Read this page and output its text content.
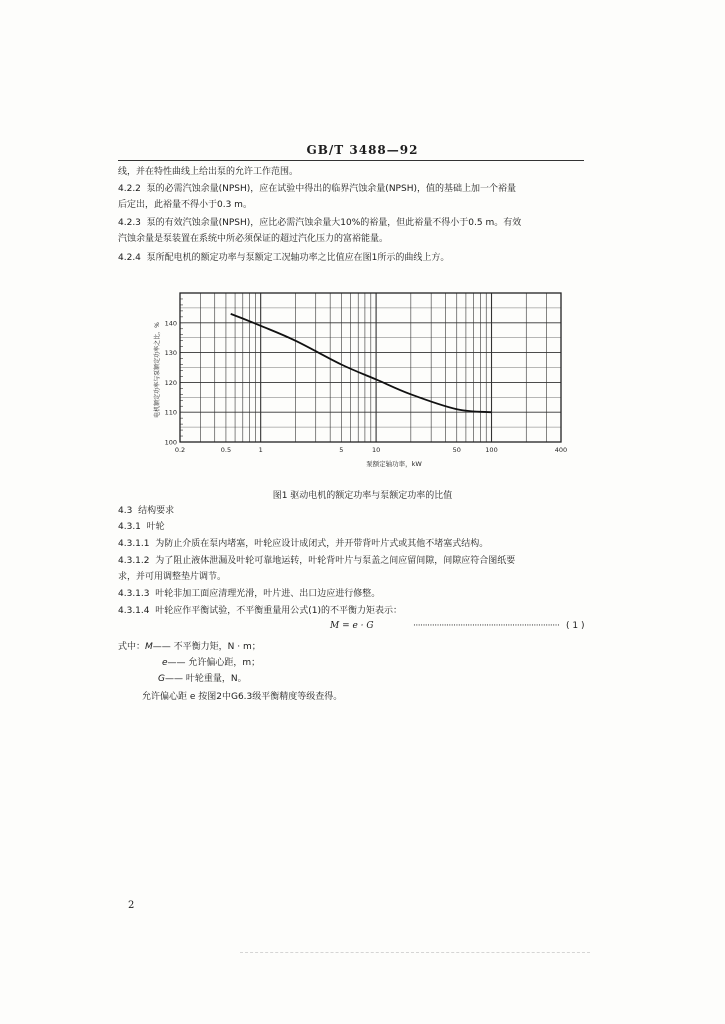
GB/T 3488—92
线，并在特性曲线上给出泵的允许工作范围。
4.2.2 泵的必需汽蚀余量(NPSH)，应在试验中得出的临界汽蚀余量(NPSH)，值的基础上加一个裕量
后定出，此裕量不得小于0.3 m。
4.2.3 泵的有效汽蚀余量(NPSH)，应比必需汽蚀余量大10%的裕量，但此裕量不得小于0.5 m。有效
汽蚀余量是泵装置在系统中所必须保证的超过汽化压力的富裕能量。
4.2.4 泵所配电机的额定功率与泵额定工况轴功率之比值应在图1所示的曲线上方。
100
110
120
130
140
0.2	0.5	1	5	10	50	100	400
电机额定功率与泵额定功率之比，%
泵额定轴功率，kW
图1 驱动电机的额定功率与泵额定功率的比值
4.3 结构要求
4.3.1 叶轮
4.3.1.1 为防止介质在泵内堵塞，叶轮应设计成闭式，并开带背叶片式或其他不堵塞式结构。
4.3.1.2 为了阻止液体泄漏及叶轮可靠地运转，叶轮背叶片与泵盖之间应留间隙，间隙应符合图纸要
求，并可用调整垫片调节。
4.3.1.3 叶轮非加工面应清理光滑，叶片进、出口边应进行修整。
4.3.1.4 叶轮应作平衡试验，不平衡重量用公式(1)的不平衡力矩表示：
M = e · G	······························································ ( 1 )
式中：M—— 不平衡力矩，N · m；
e—— 允许偏心距，m；
G—— 叶轮重量，N。
允许偏心距 e 按图2中G6.3级平衡精度等级查得。
2
